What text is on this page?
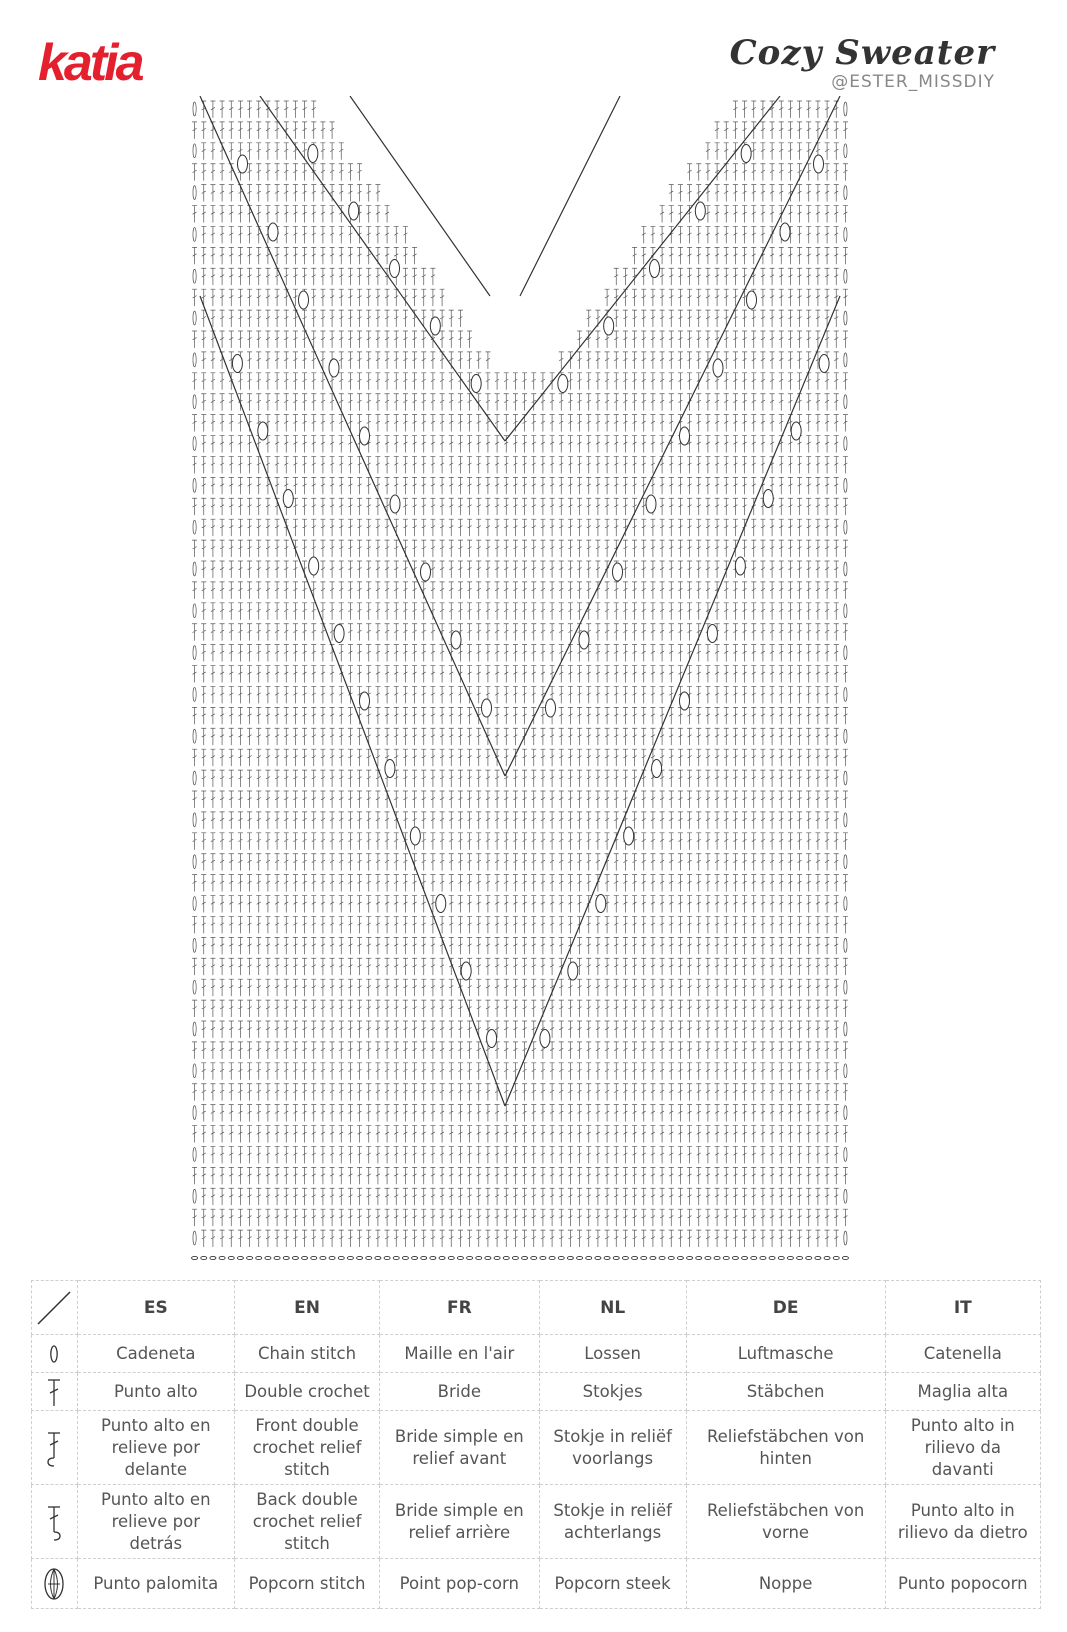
katia	Cozy Sweater
@ESTER_MISSDIY
	ES	EN	FR	NL	DE	IT

	Cadeneta	Chain stitch	Maille en l'air	Lossen	Luftmasche	Catenella

	Punto alto	Double crochet	Bride	Stokjes	Stäbchen	Maglia alta

	Punto alto en relieve por delante	Front double crochet relief stitch	Bride simple en relief avant	Stokje in reliëf voorlangs	Reliefstäbchen von hinten	Punto alto in rilievo da davanti

	Punto alto en relieve por detrás	Back double crochet relief stitch	Bride simple en relief arrière	Stokje in reliëf achterlangs	Reliefstäbchen von vorne	Punto alto in rilievo da dietro

	Punto palomita	Popcorn stitch	Point pop-corn	Popcorn steek	Noppe	Punto popocorn
